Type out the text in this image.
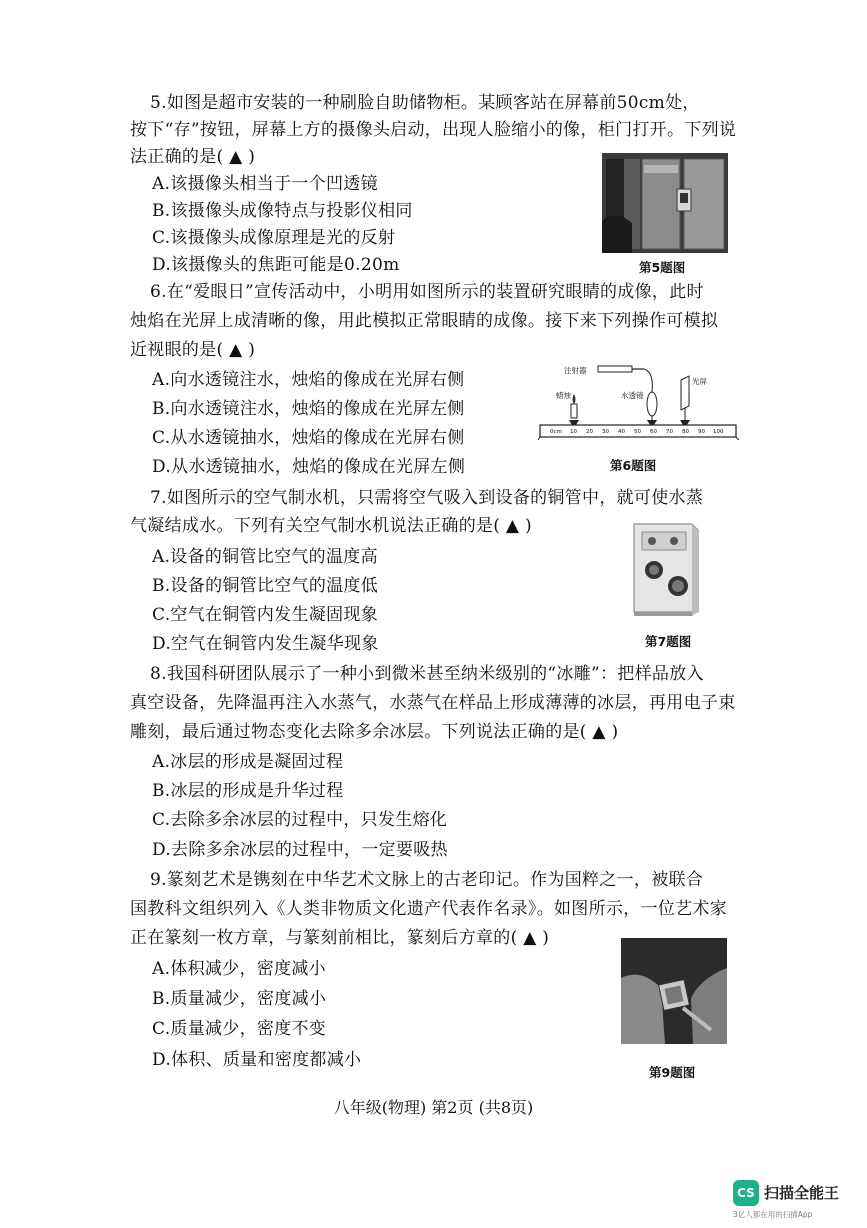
5.如图是超市安装的一种刷脸自助储物柜。某顾客站在屏幕前50cm处，
按下“存”按钮，屏幕上方的摄像头启动，出现人脸缩小的像，柜门打开。下列说
法正确的是( ▲ )
A.该摄像头相当于一个凹透镜
B.该摄像头成像特点与投影仪相同
C.该摄像头成像原理是光的反射
D.该摄像头的焦距可能是0.20m	第5题图
6.在“爱眼日”宣传活动中，小明用如图所示的装置研究眼睛的成像，此时
烛焰在光屏上成清晰的像，用此模拟正常眼睛的成像。接下来下列操作可模拟
近视眼的是( ▲ )
A.向水透镜注水，烛焰的像成在光屏右侧
B.向水透镜注水，烛焰的像成在光屏左侧
C.从水透镜抽水，烛焰的像成在光屏右侧
D.从水透镜抽水，烛焰的像成在光屏左侧
注射器
蜡烛	水透镜
光屏
0cm 10 20 30 40 50 60 70 80 90 100
第6题图
7.如图所示的空气制水机，只需将空气吸入到设备的铜管中，就可使水蒸
气凝结成水。下列有关空气制水机说法正确的是( ▲ )
A.设备的铜管比空气的温度高
B.设备的铜管比空气的温度低
C.空气在铜管内发生凝固现象
D.空气在铜管内发生凝华现象	第7题图
8.我国科研团队展示了一种小到微米甚至纳米级别的“冰雕”：把样品放入
真空设备，先降温再注入水蒸气，水蒸气在样品上形成薄薄的冰层，再用电子束
雕刻，最后通过物态变化去除多余冰层。下列说法正确的是( ▲ )
A.冰层的形成是凝固过程
B.冰层的形成是升华过程
C.去除多余冰层的过程中，只发生熔化
D.去除多余冰层的过程中，一定要吸热
9.篆刻艺术是镌刻在中华艺术文脉上的古老印记。作为国粹之一，被联合
国教科文组织列入《人类非物质文化遗产代表作名录》。如图所示，一位艺术家
正在篆刻一枚方章，与篆刻前相比，篆刻后方章的( ▲ )
A.体积减少，密度减小
B.质量减少，密度减小
C.质量减少，密度不变
D.体积、质量和密度都减小
第9题图
八年级(物理) 第2页 (共8页)
CS 扫描全能王
3亿人都在用的扫描App
